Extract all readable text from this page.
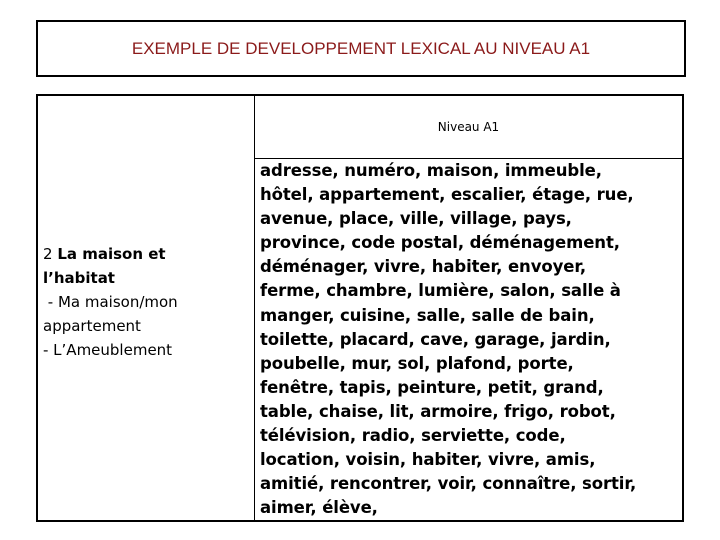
EXEMPLE DE DEVELOPPEMENT LEXICAL AU NIVEAU A1
2 La maison et
l’habitat
- Ma maison/mon
appartement
- L’Ameublement
Niveau A1
adresse, numéro, maison, immeuble,
hôtel, appartement, escalier, étage, rue,
avenue, place, ville, village, pays,
province, code postal, déménagement,
déménager, vivre, habiter, envoyer,
ferme, chambre, lumière, salon, salle à
manger, cuisine, salle, salle de bain,
toilette, placard, cave, garage, jardin,
poubelle, mur, sol, plafond, porte,
fenêtre, tapis, peinture, petit, grand,
table, chaise, lit, armoire, frigo, robot,
télévision, radio, serviette, code,
location, voisin, habiter, vivre, amis,
amitié, rencontrer, voir, connaître, sortir,
aimer, élève,
